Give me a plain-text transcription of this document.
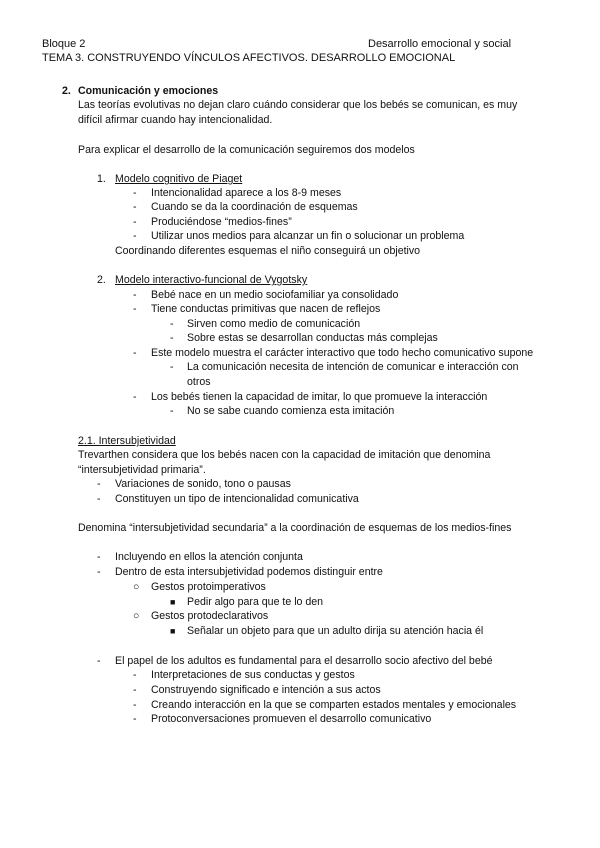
Bloque 2	Desarrollo emocional y social
TEMA 3. CONSTRUYENDO VÍNCULOS AFECTIVOS. DESARROLLO EMOCIONAL
2. Comunicación y emociones
Las teorías evolutivas no dejan claro cuándo considerar que los bebés se comunican, es muy
difícil afirmar cuando hay intencionalidad.
Para explicar el desarrollo de la comunicación seguiremos dos modelos
1. Modelo cognitivo de Piaget
- Intencionalidad aparece a los 8-9 meses
- Cuando se da la coordinación de esquemas
- Produciéndose “medios-fines”
- Utilizar unos medios para alcanzar un fin o solucionar un problema
Coordinando diferentes esquemas el niño conseguirá un objetivo
2. Modelo interactivo-funcional de Vygotsky
- Bebé nace en un medio sociofamiliar ya consolidado
- Tiene conductas primitivas que nacen de reflejos
- Sirven como medio de comunicación
- Sobre estas se desarrollan conductas más complejas
- Este modelo muestra el carácter interactivo que todo hecho comunicativo supone
- La comunicación necesita de intención de comunicar e interacción con
otros
- Los bebés tienen la capacidad de imitar, lo que promueve la interacción
- No se sabe cuando comienza esta imitación
2.1. Intersubjetividad
Trevarthen considera que los bebés nacen con la capacidad de imitación que denomina
“intersubjetividad primaria”.
- Variaciones de sonido, tono o pausas
- Constituyen un tipo de intencionalidad comunicativa
Denomina “intersubjetividad secundaria” a la coordinación de esquemas de los medios-fines
- Incluyendo en ellos la atención conjunta
- Dentro de esta intersubjetividad podemos distinguir entre
○ Gestos protoimperativos
■ Pedir algo para que te lo den
○ Gestos protodeclarativos
■ Señalar un objeto para que un adulto dirija su atención hacia él
- El papel de los adultos es fundamental para el desarrollo socio afectivo del bebé
- Interpretaciones de sus conductas y gestos
- Construyendo significado e intención a sus actos
- Creando interacción en la que se comparten estados mentales y emocionales
- Protoconversaciones promueven el desarrollo comunicativo
